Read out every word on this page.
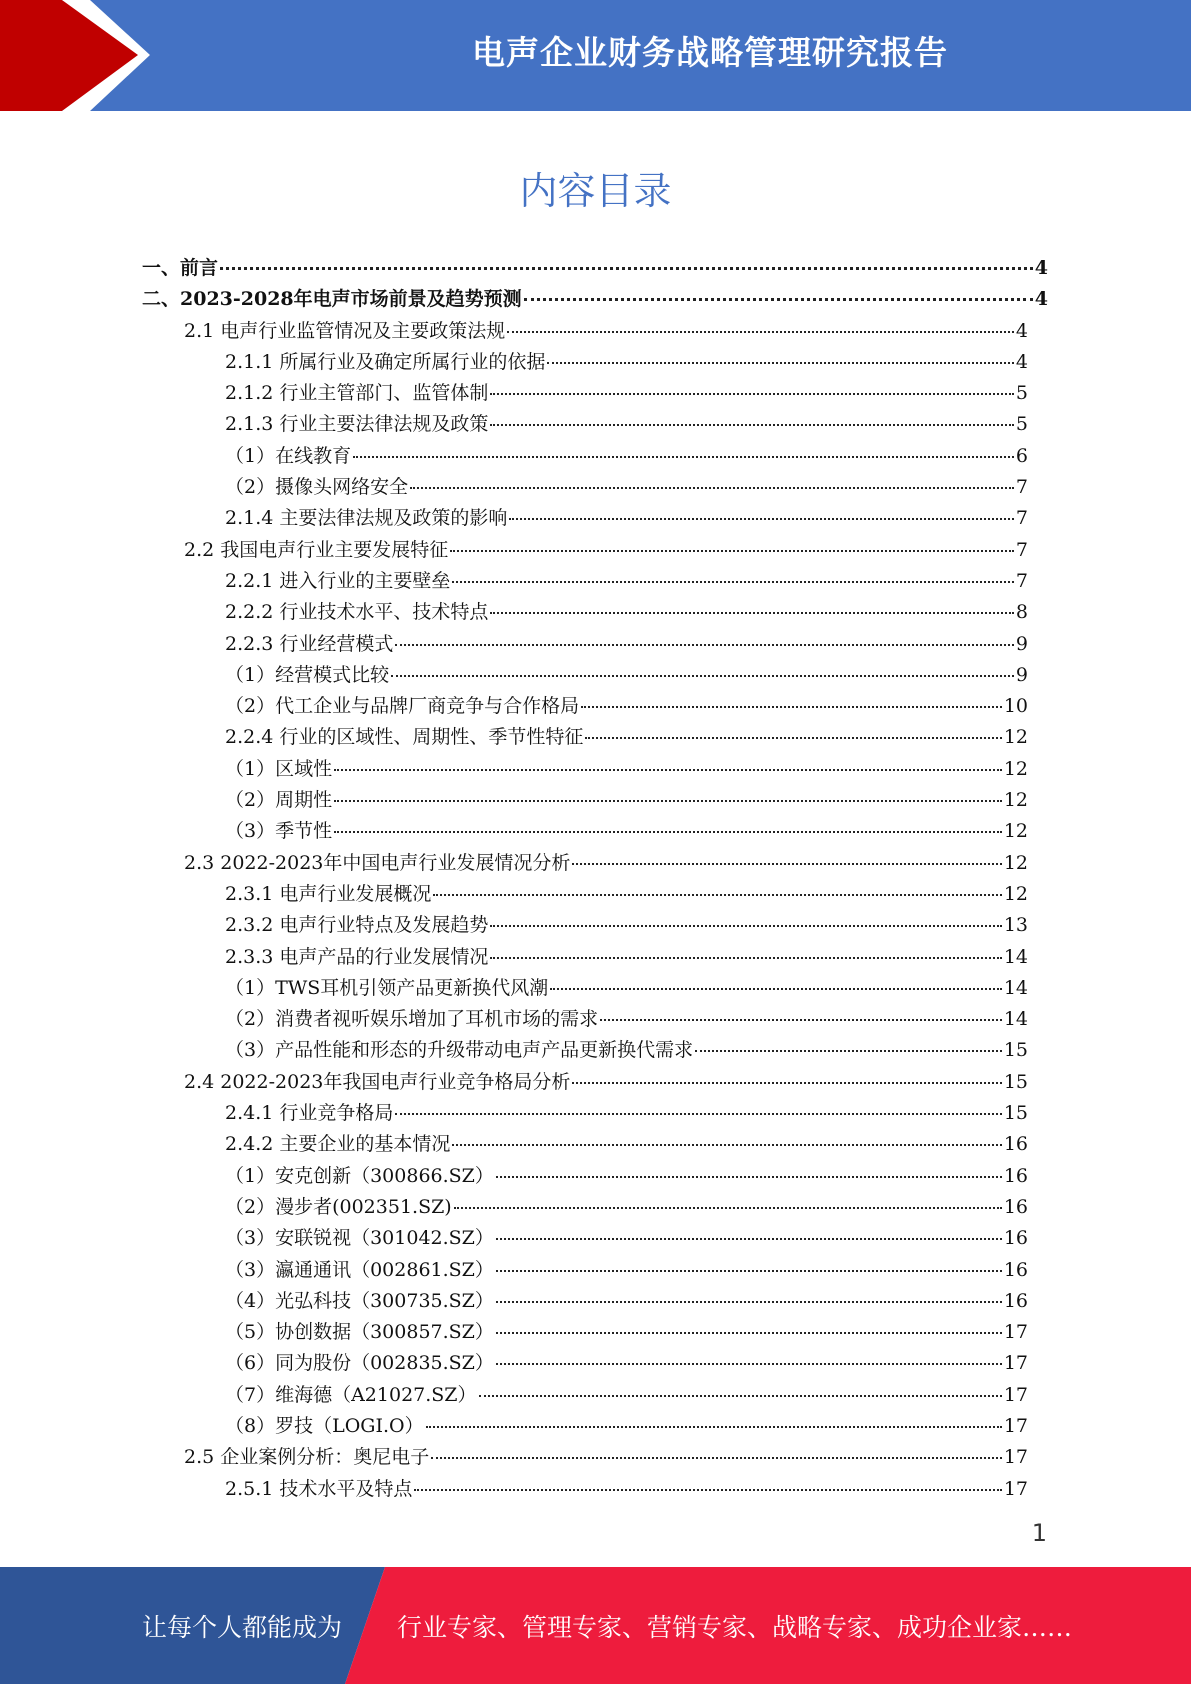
电声企业财务战略管理研究报告
内容目录
一、前言	4
二、2023-2028年电声市场前景及趋势预测	4
2.1 电声行业监管情况及主要政策法规	4
2.1.1 所属行业及确定所属行业的依据	4
2.1.2 行业主管部门、监管体制	5
2.1.3 行业主要法律法规及政策	5
（1）在线教育	6
（2）摄像头网络安全	7
2.1.4 主要法律法规及政策的影响	7
2.2 我国电声行业主要发展特征	7
2.2.1 进入行业的主要壁垒	7
2.2.2 行业技术水平、技术特点	8
2.2.3 行业经营模式	9
（1）经营模式比较	9
（2）代工企业与品牌厂商竞争与合作格局	10
2.2.4 行业的区域性、周期性、季节性特征	12
（1）区域性	12
（2）周期性	12
（3）季节性	12
2.3 2022-2023年中国电声行业发展情况分析	12
2.3.1 电声行业发展概况	12
2.3.2 电声行业特点及发展趋势	13
2.3.3 电声产品的行业发展情况	14
（1）TWS耳机引领产品更新换代风潮	14
（2）消费者视听娱乐增加了耳机市场的需求	14
（3）产品性能和形态的升级带动电声产品更新换代需求	15
2.4 2022-2023年我国电声行业竞争格局分析	15
2.4.1 行业竞争格局	15
2.4.2 主要企业的基本情况	16
（1）安克创新（300866.SZ）	16
（2）漫步者(002351.SZ)	16
（3）安联锐视（301042.SZ）	16
（3）瀛通通讯（002861.SZ）	16
（4）光弘科技（300735.SZ）	16
（5）协创数据（300857.SZ）	17
（6）同为股份（002835.SZ）	17
（7）维海德（A21027.SZ）	17
（8）罗技（LOGI.O）	17
2.5 企业案例分析：奥尼电子	17
2.5.1 技术水平及特点	17
1
让每个人都能成为 行业专家、管理专家、营销专家、战略专家、成功企业家……
